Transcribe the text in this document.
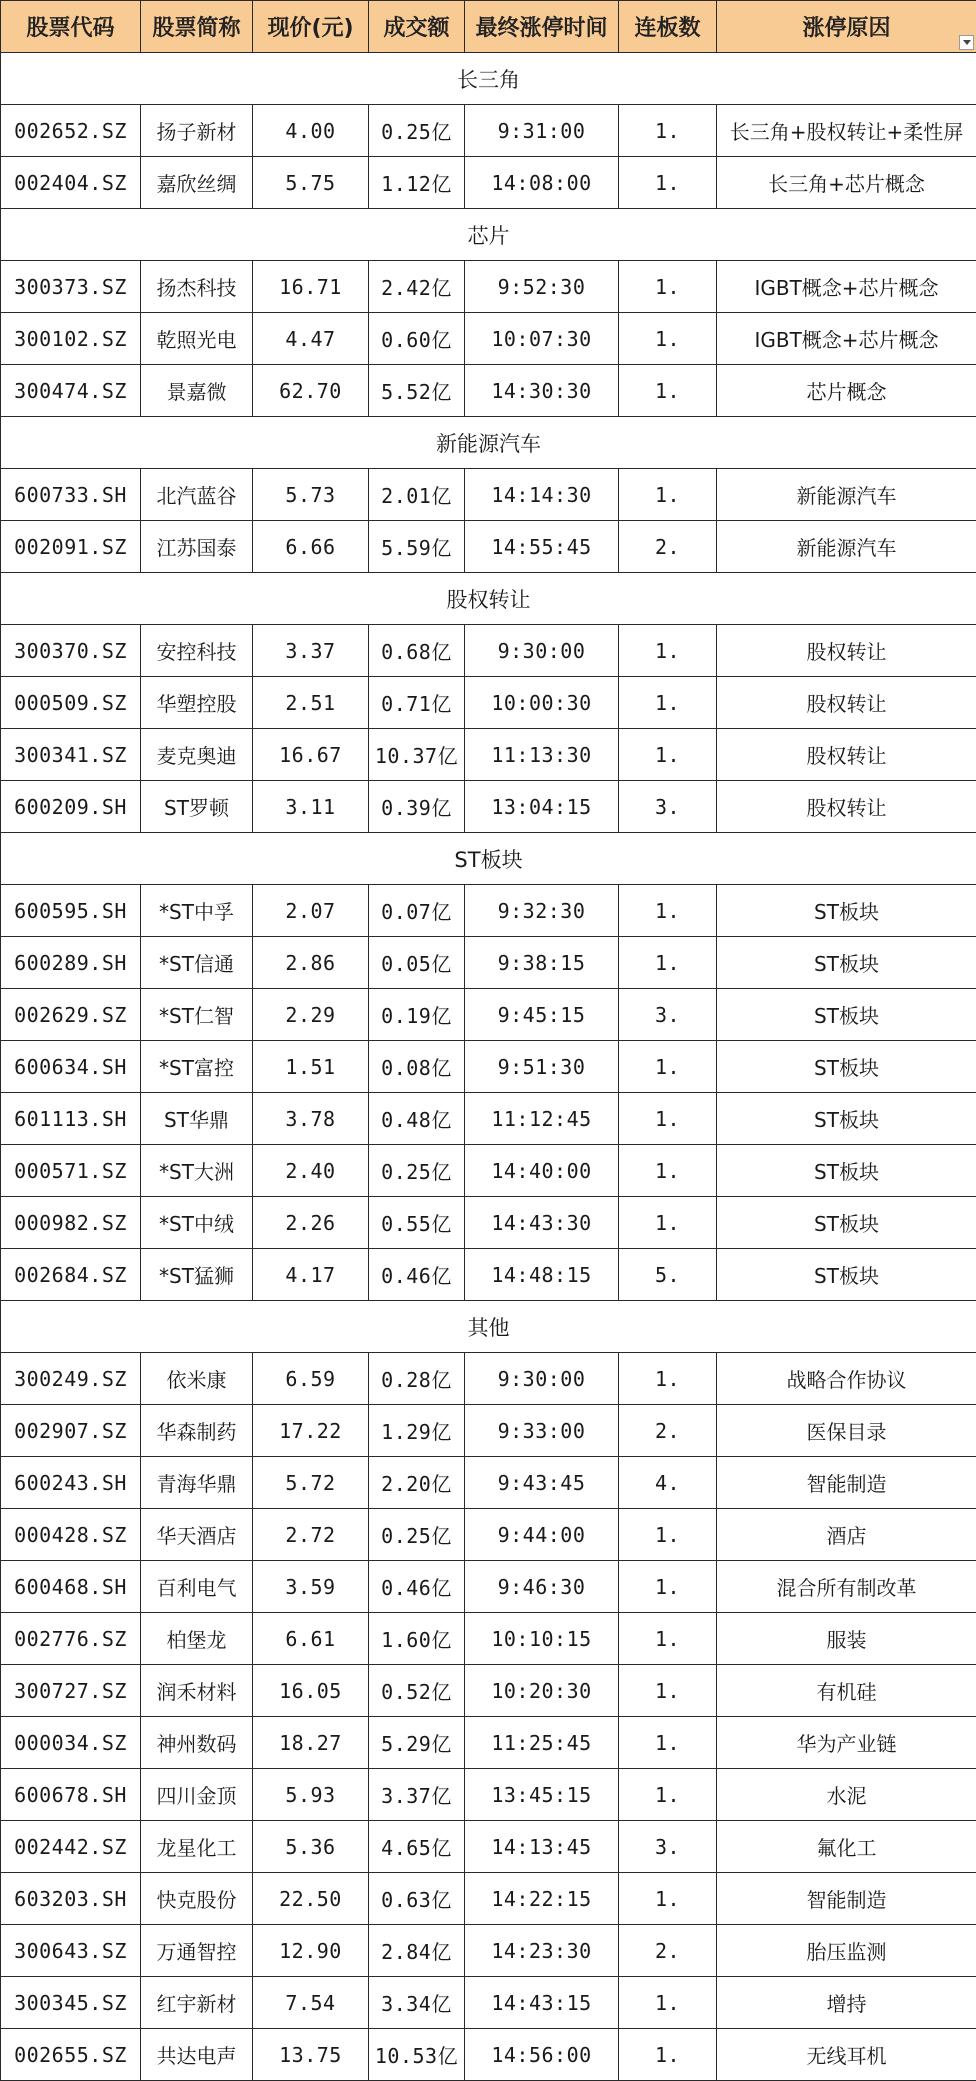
股票代码	股票简称	现价(元)	成交额	最终涨停时间	连板数	涨停原因

长三角						
002652.SZ	扬子新材	4.00	0.25亿	9:31:00	1.	长三角+股权转让+柔性屏
002404.SZ	嘉欣丝绸	5.75	1.12亿	14:08:00	1.	长三角+芯片概念
芯片						
300373.SZ	扬杰科技	16.71	2.42亿	9:52:30	1.	IGBT概念+芯片概念
300102.SZ	乾照光电	4.47	0.60亿	10:07:30	1.	IGBT概念+芯片概念
300474.SZ	景嘉微	62.70	5.52亿	14:30:30	1.	芯片概念
新能源汽车						
600733.SH	北汽蓝谷	5.73	2.01亿	14:14:30	1.	新能源汽车
002091.SZ	江苏国泰	6.66	5.59亿	14:55:45	2.	新能源汽车
股权转让						
300370.SZ	安控科技	3.37	0.68亿	9:30:00	1.	股权转让
000509.SZ	华塑控股	2.51	0.71亿	10:00:30	1.	股权转让
300341.SZ	麦克奥迪	16.67	10.37亿	11:13:30	1.	股权转让
600209.SH	ST罗顿	3.11	0.39亿	13:04:15	3.	股权转让
ST板块						
600595.SH	*ST中孚	2.07	0.07亿	9:32:30	1.	ST板块
600289.SH	*ST信通	2.86	0.05亿	9:38:15	1.	ST板块
002629.SZ	*ST仁智	2.29	0.19亿	9:45:15	3.	ST板块
600634.SH	*ST富控	1.51	0.08亿	9:51:30	1.	ST板块
601113.SH	ST华鼎	3.78	0.48亿	11:12:45	1.	ST板块
000571.SZ	*ST大洲	2.40	0.25亿	14:40:00	1.	ST板块
000982.SZ	*ST中绒	2.26	0.55亿	14:43:30	1.	ST板块
002684.SZ	*ST猛狮	4.17	0.46亿	14:48:15	5.	ST板块
其他						
300249.SZ	依米康	6.59	0.28亿	9:30:00	1.	战略合作协议
002907.SZ	华森制药	17.22	1.29亿	9:33:00	2.	医保目录
600243.SH	青海华鼎	5.72	2.20亿	9:43:45	4.	智能制造
000428.SZ	华天酒店	2.72	0.25亿	9:44:00	1.	酒店
600468.SH	百利电气	3.59	0.46亿	9:46:30	1.	混合所有制改革
002776.SZ	柏堡龙	6.61	1.60亿	10:10:15	1.	服装
300727.SZ	润禾材料	16.05	0.52亿	10:20:30	1.	有机硅
000034.SZ	神州数码	18.27	5.29亿	11:25:45	1.	华为产业链
600678.SH	四川金顶	5.93	3.37亿	13:45:15	1.	水泥
002442.SZ	龙星化工	5.36	4.65亿	14:13:45	3.	氟化工
603203.SH	快克股份	22.50	0.63亿	14:22:15	1.	智能制造
300643.SZ	万通智控	12.90	2.84亿	14:23:30	2.	胎压监测
300345.SZ	红宇新材	7.54	3.34亿	14:43:15	1.	增持
002655.SZ	共达电声	13.75	10.53亿	14:56:00	1.	无线耳机
